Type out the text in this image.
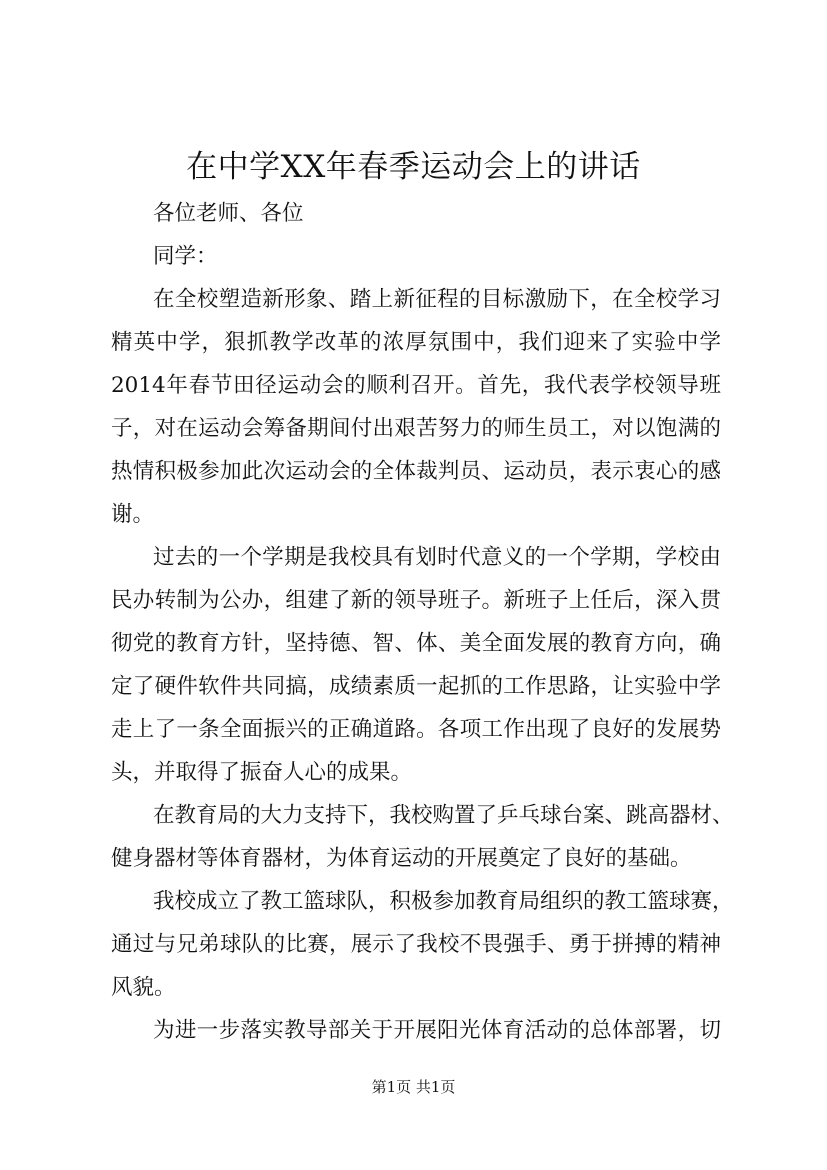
在中学XX年春季运动会上的讲话
各位老师、各位
同学：
在全校塑造新形象、踏上新征程的目标激励下，在全校学习
精英中学，狠抓教学改革的浓厚氛围中，我们迎来了实验中学
2014年春节田径运动会的顺利召开。首先，我代表学校领导班
子，对在运动会筹备期间付出艰苦努力的师生员工，对以饱满的
热情积极参加此次运动会的全体裁判员、运动员，表示衷心的感
谢。
过去的一个学期是我校具有划时代意义的一个学期，学校由
民办转制为公办，组建了新的领导班子。新班子上任后，深入贯
彻党的教育方针，坚持德、智、体、美全面发展的教育方向，确
定了硬件软件共同搞，成绩素质一起抓的工作思路，让实验中学
走上了一条全面振兴的正确道路。各项工作出现了良好的发展势
头，并取得了振奋人心的成果。
在教育局的大力支持下，我校购置了乒乓球台案、跳高器材、
健身器材等体育器材，为体育运动的开展奠定了良好的基础。
我校成立了教工篮球队，积极参加教育局组织的教工篮球赛，
通过与兄弟球队的比赛，展示了我校不畏强手、勇于拼搏的精神
风貌。
为进一步落实教导部关于开展阳光体育活动的总体部署，切
第1页 共1页
